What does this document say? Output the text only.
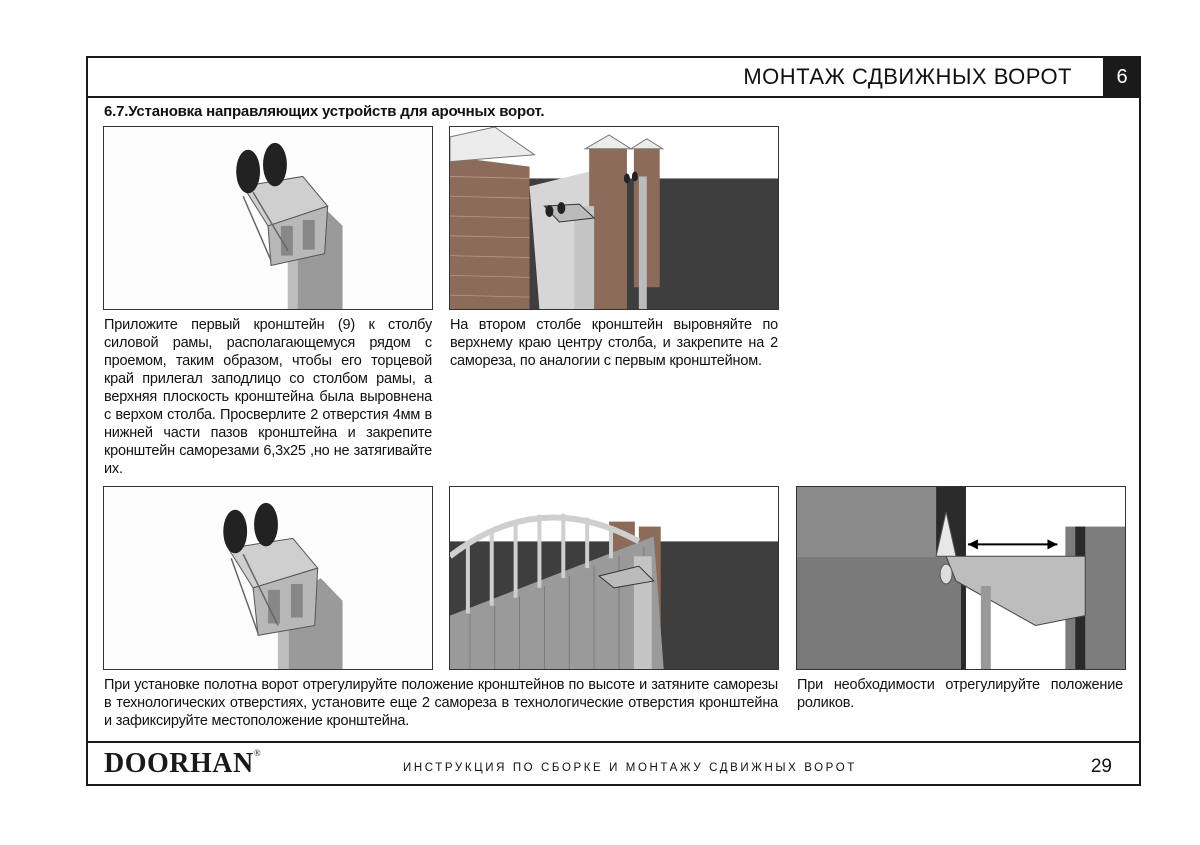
МОНТАЖ СДВИЖНЫХ ВОРОТ	6
6.7.Установка направляющих устройств для арочных ворот.
Приложите первый кронштейн (9) к столбу силовой рамы, располагающемуся рядом с проемом, таким образом, чтобы его торцевой край прилегал заподлицо со столбом рамы, а верхняя плоскость кронштейна была выровнена с верхом столба. Просверлите 2 отверстия 4мм в нижней части пазов кронштейна и закрепите кронштейн саморезами 6,3х25 ,но не затягивайте их.
На втором столбе кронштейн выровняйте по верхнему краю центру столба, и закрепите на 2 самореза, по аналогии с первым кронштейном.
При установке полотна ворот отрегулируйте положение кронштейнов по высоте и затяните саморезы в технологических отверстиях, установите еще 2 самореза в технологические отверстия кронштейна и зафиксируйте местоположение кронштейна.
При необходимости отрегулируйте положение роликов.
DOORHAN®
ИНСТРУКЦИЯ ПО СБОРКЕ И МОНТАЖУ СДВИЖНЫХ ВОРОТ	29
